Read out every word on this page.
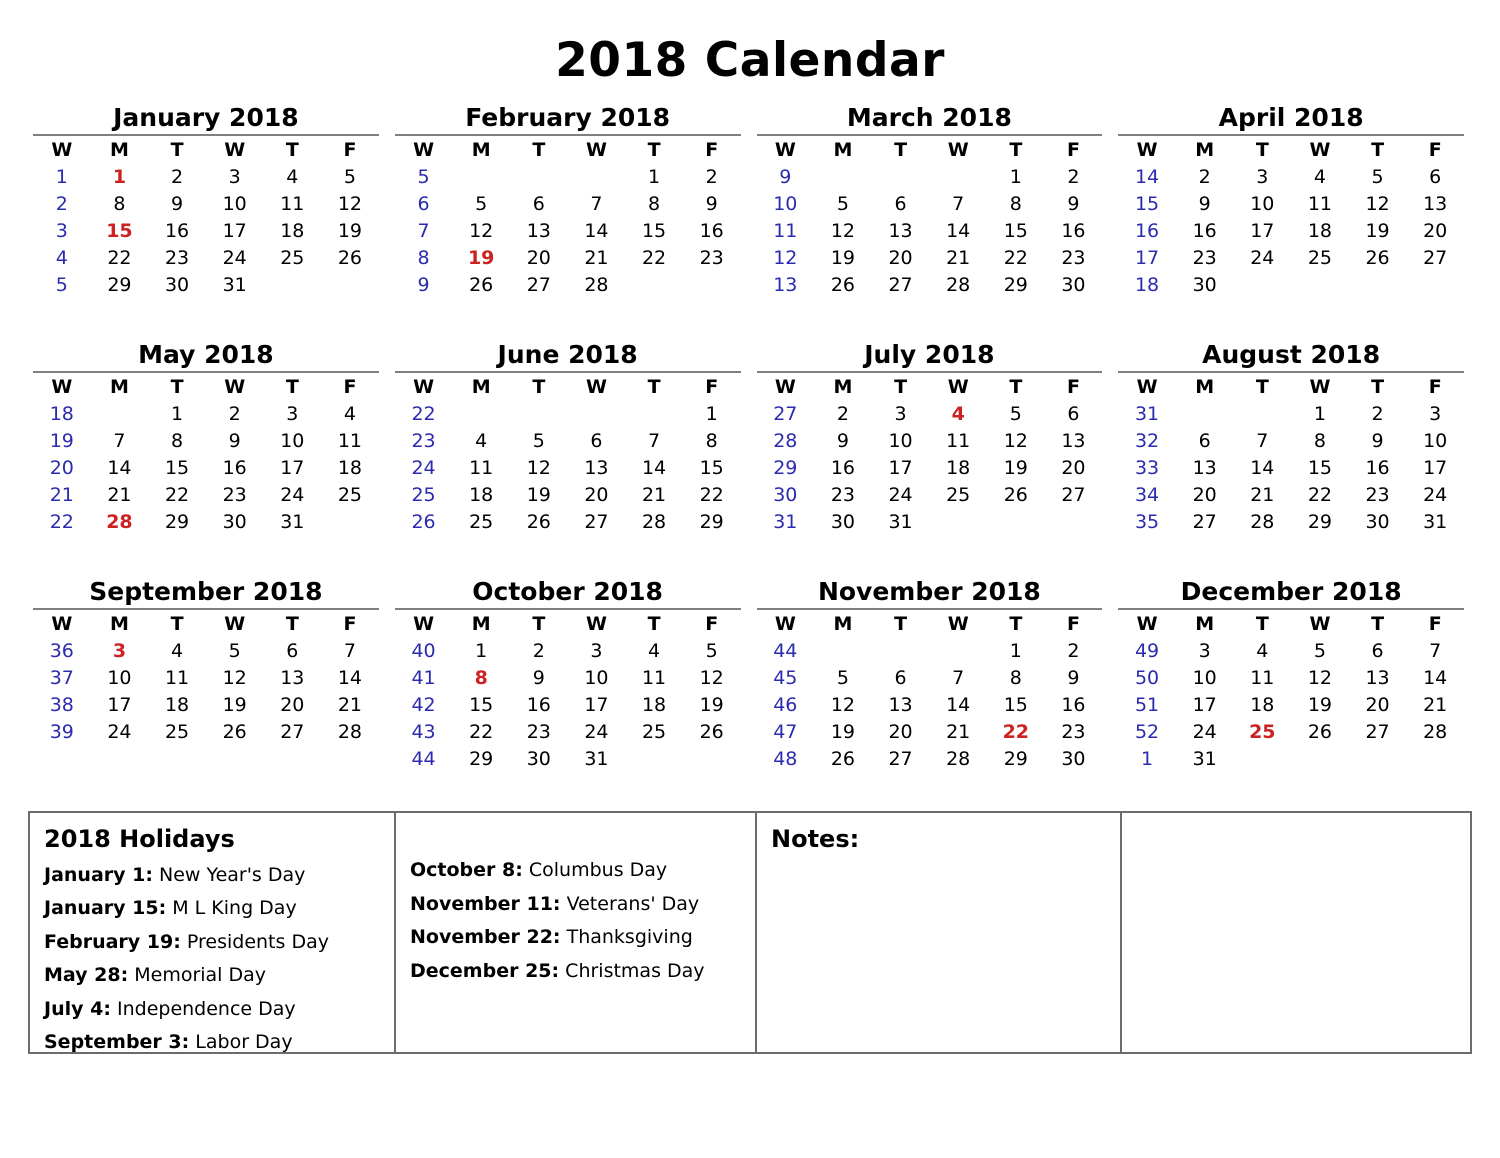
2018 Calendar
January 2018
W	M	T	W	T	F
1	1	2	3	4	5
2	8	9	10	11	12
3	15	16	17	18	19
4	22	23	24	25	26
5	29	30	31		
February 2018
W	M	T	W	T	F
5				1	2
6	5	6	7	8	9
7	12	13	14	15	16
8	19	20	21	22	23
9	26	27	28		
March 2018
W	M	T	W	T	F
9				1	2
10	5	6	7	8	9
11	12	13	14	15	16
12	19	20	21	22	23
13	26	27	28	29	30
April 2018
W	M	T	W	T	F
14	2	3	4	5	6
15	9	10	11	12	13
16	16	17	18	19	20
17	23	24	25	26	27
18	30				
May 2018
W	M	T	W	T	F
18		1	2	3	4
19	7	8	9	10	11
20	14	15	16	17	18
21	21	22	23	24	25
22	28	29	30	31	
June 2018
W	M	T	W	T	F
22					1
23	4	5	6	7	8
24	11	12	13	14	15
25	18	19	20	21	22
26	25	26	27	28	29
July 2018
W	M	T	W	T	F
27	2	3	4	5	6
28	9	10	11	12	13
29	16	17	18	19	20
30	23	24	25	26	27
31	30	31			
August 2018
W	M	T	W	T	F
31			1	2	3
32	6	7	8	9	10
33	13	14	15	16	17
34	20	21	22	23	24
35	27	28	29	30	31
September 2018
W	M	T	W	T	F
36	3	4	5	6	7
37	10	11	12	13	14
38	17	18	19	20	21
39	24	25	26	27	28
October 2018
W	M	T	W	T	F
40	1	2	3	4	5
41	8	9	10	11	12
42	15	16	17	18	19
43	22	23	24	25	26
44	29	30	31		
November 2018
W	M	T	W	T	F
44				1	2
45	5	6	7	8	9
46	12	13	14	15	16
47	19	20	21	22	23
48	26	27	28	29	30
December 2018
W	M	T	W	T	F
49	3	4	5	6	7
50	10	11	12	13	14
51	17	18	19	20	21
52	24	25	26	27	28
1	31				
2018 Holidays
January 1: New Year's Day
January 15: M L King Day
February 19: Presidents Day
May 28: Memorial Day
July 4: Independence Day
September 3: Labor Day
October 8: Columbus Day
November 11: Veterans' Day
November 22: Thanksgiving
December 25: Christmas Day
Notes:
